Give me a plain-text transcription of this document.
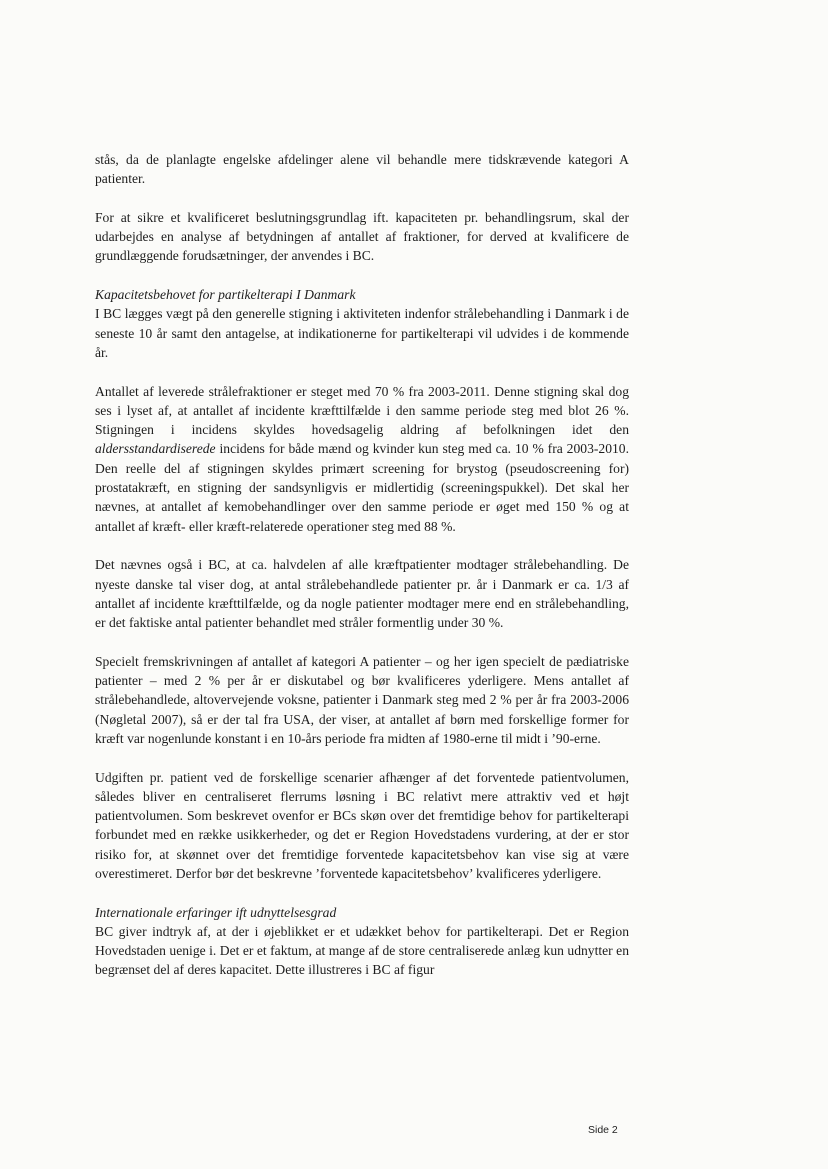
stås, da de planlagte engelske afdelinger alene vil behandle mere tidskrævende kategori A patienter.

For at sikre et kvalificeret beslutningsgrundlag ift. kapaciteten pr. behandlingsrum, skal der udarbejdes en analyse af betydningen af antallet af fraktioner, for derved at kvalificere de grundlæggende forudsætninger, der anvendes i BC.

Kapacitetsbehovet for partikelterapi I Danmark

I BC lægges vægt på den generelle stigning i aktiviteten indenfor strålebehandling i Danmark i de seneste 10 år samt den antagelse, at indikationerne for partikelterapi vil udvides i de kommende år.

Antallet af leverede strålefraktioner er steget med 70 % fra 2003-2011. Denne stigning skal dog ses i lyset af, at antallet af incidente kræfttilfælde i den samme periode steg med blot 26 %. Stigningen i incidens skyldes hovedsagelig aldring af befolkningen idet den aldersstandardiserede incidens for både mænd og kvinder kun steg med ca. 10 % fra 2003-2010. Den reelle del af stigningen skyldes primært screening for brystog (pseudoscreening for) prostatakræft, en stigning der sandsynligvis er midlertidig (screeningspukkel). Det skal her nævnes, at antallet af kemobehandlinger over den samme periode er øget med 150 % og at antallet af kræft- eller kræft-relaterede operationer steg med 88 %.

Det nævnes også i BC, at ca. halvdelen af alle kræftpatienter modtager strålebehandling. De nyeste danske tal viser dog, at antal strålebehandlede patienter pr. år i Danmark er ca. 1/3 af antallet af incidente kræfttilfælde, og da nogle patienter modtager mere end en strålebehandling, er det faktiske antal patienter behandlet med stråler formentlig under 30 %.

Specielt fremskrivningen af antallet af kategori A patienter – og her igen specielt de pædiatriske patienter – med 2 % per år er diskutabel og bør kvalificeres yderligere. Mens antallet af strålebehandlede, altovervejende voksne, patienter i Danmark steg med 2 % per år fra 2003-2006 (Nøgletal 2007), så er der tal fra USA, der viser, at antallet af børn med forskellige former for kræft var nogenlunde konstant i en 10-års periode fra midten af 1980-erne til midt i ’90-erne.

Udgiften pr. patient ved de forskellige scenarier afhænger af det forventede patientvolumen, således bliver en centraliseret flerrums løsning i BC relativt mere attraktiv ved et højt patientvolumen. Som beskrevet ovenfor er BCs skøn over det fremtidige behov for partikelterapi forbundet med en række usikkerheder, og det er Region Hovedstadens vurdering, at der er stor risiko for, at skønnet over det fremtidige forventede kapacitetsbehov kan vise sig at være overestimeret. Derfor bør det beskrevne ’forventede kapacitetsbehov’ kvalificeres yderligere.

Internationale erfaringer ift udnyttelsesgrad

BC giver indtryk af, at der i øjeblikket er et udækket behov for partikelterapi. Det er Region Hovedstaden uenige i. Det er et faktum, at mange af de store centraliserede anlæg kun udnytter en begrænset del af deres kapacitet. Dette illustreres i BC af figur

Side 2
